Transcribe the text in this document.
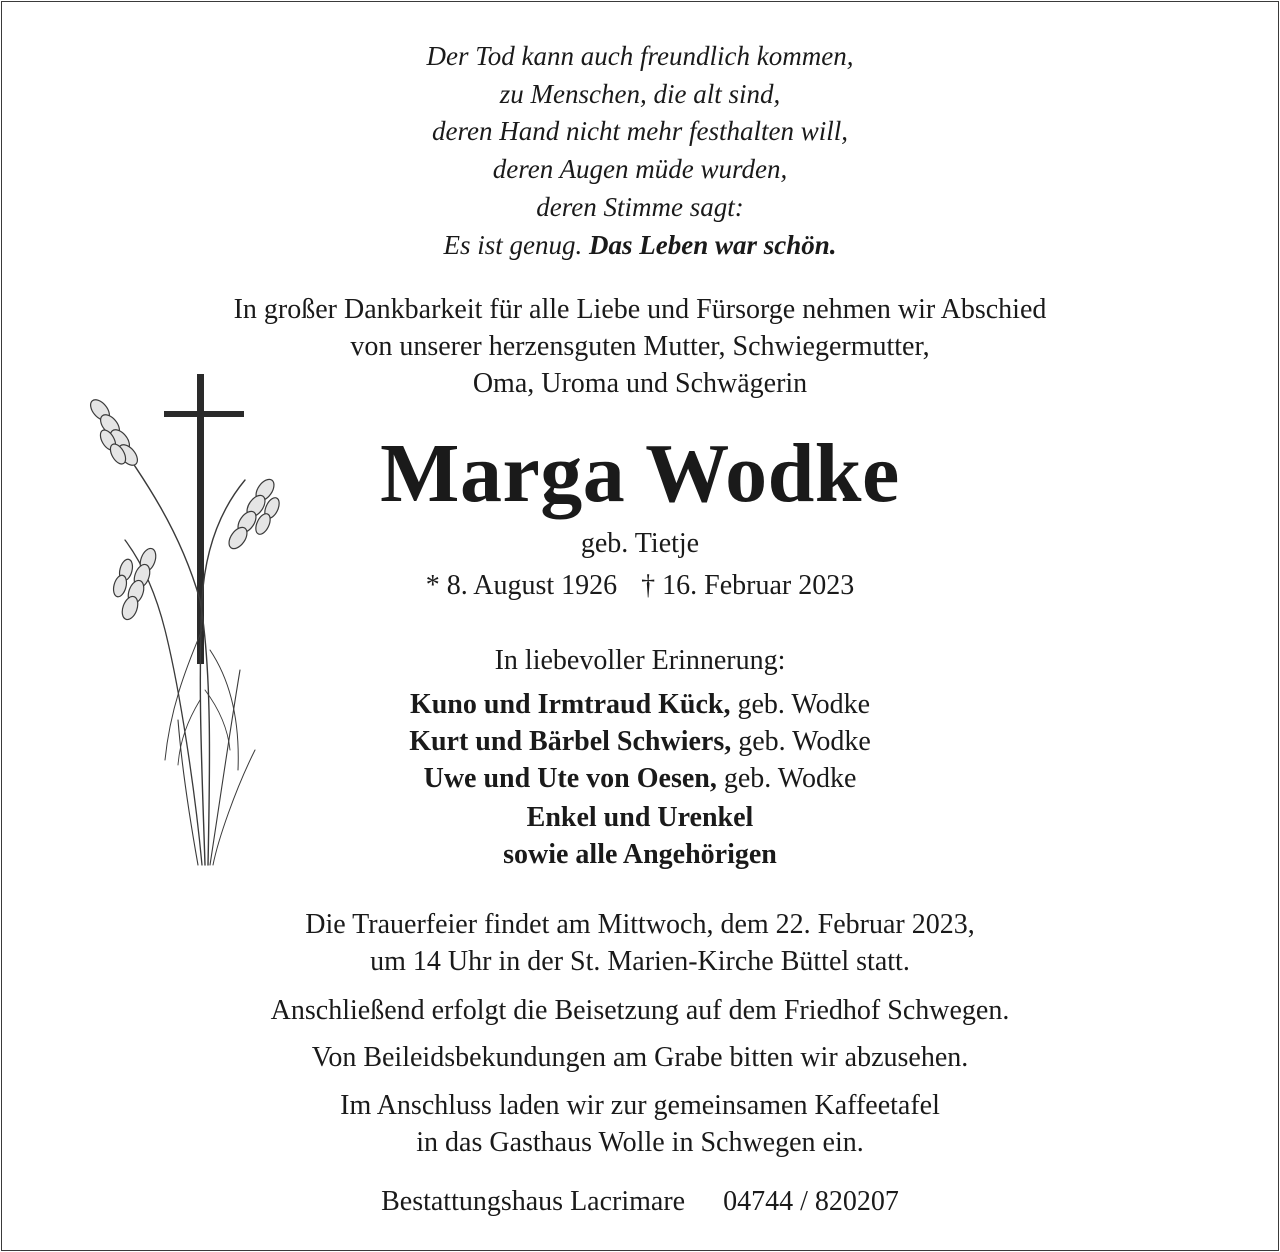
Der Tod kann auch freundlich kommen,
zu Menschen, die alt sind,
deren Hand nicht mehr festhalten will,
deren Augen müde wurden,
deren Stimme sagt:
Es ist genug. Das Leben war schön.
In großer Dankbarkeit für alle Liebe und Fürsorge nehmen wir Abschied
von unserer herzensguten Mutter, Schwiegermutter,
Oma, Uroma und Schwägerin
Marga Wodke
geb. Tietje
* 8. August 1926 † 16. Februar 2023
In liebevoller Erinnerung:
Kuno und Irmtraud Kück, geb. Wodke
Kurt und Bärbel Schwiers, geb. Wodke
Uwe und Ute von Oesen, geb. Wodke
Enkel und Urenkel
sowie alle Angehörigen
Die Trauerfeier findet am Mittwoch, dem 22. Februar 2023,
um 14 Uhr in der St. Marien-Kirche Büttel statt.
Anschließend erfolgt die Beisetzung auf dem Friedhof Schwegen.
Von Beileidsbekundungen am Grabe bitten wir abzusehen.
Im Anschluss laden wir zur gemeinsamen Kaffeetafel
in das Gasthaus Wolle in Schwegen ein.
Bestattungshaus Lacrimare 04744 / 820207
